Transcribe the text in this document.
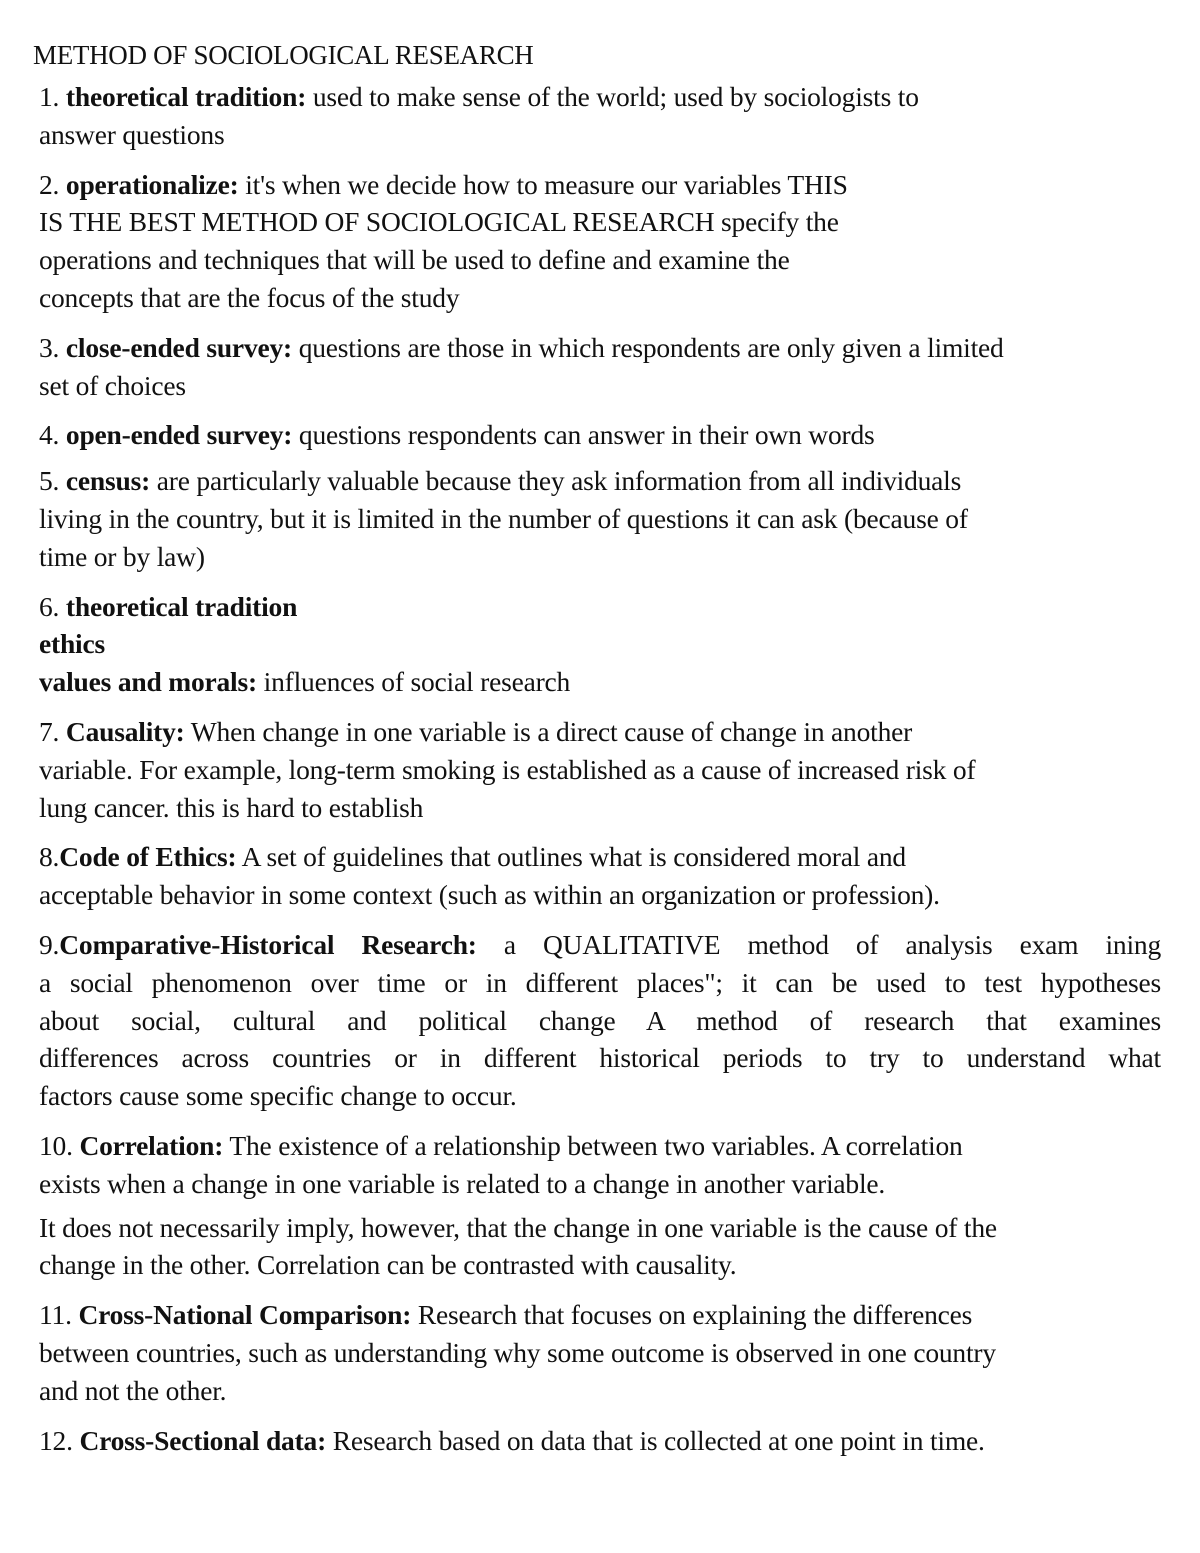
METHOD OF SOCIOLOGICAL RESEARCH
1. theoretical tradition: used to make sense of the world; used by sociologists to
answer questions
2. operationalize: it's when we decide how to measure our variables THIS
IS THE BEST METHOD OF SOCIOLOGICAL RESEARCH specify the
operations and techniques that will be used to define and examine the
concepts that are the focus of the study
3. close-ended survey: questions are those in which respondents are only given a limited
set of choices
4. open-ended survey: questions respondents can answer in their own words
5. census: are particularly valuable because they ask information from all individuals
living in the country, but it is limited in the number of questions it can ask (because of
time or by law)
6. theoretical tradition
ethics
values and morals: influences of social research
7. Causality: When change in one variable is a direct cause of change in another
variable. For example, long-term smoking is established as a cause of increased risk of
lung cancer. this is hard to establish
8.Code of Ethics: A set of guidelines that outlines what is considered moral and
acceptable behavior in some context (such as within an organization or profession).
9.Comparative-Historical Research: a QUALITATIVE method of analysis exam ining
a social phenomenon over time or in different places"; it can be used to test hypotheses
about social, cultural and political change A method of research that examines
differences across countries or in different historical periods to try to understand what
factors cause some specific change to occur.
10. Correlation: The existence of a relationship between two variables. A correlation
exists when a change in one variable is related to a change in another variable.
It does not necessarily imply, however, that the change in one variable is the cause of the
change in the other. Correlation can be contrasted with causality.
11. Cross-National Comparison: Research that focuses on explaining the differences
between countries, such as understanding why some outcome is observed in one country
and not the other.
12. Cross-Sectional data: Research based on data that is collected at one point in time.
